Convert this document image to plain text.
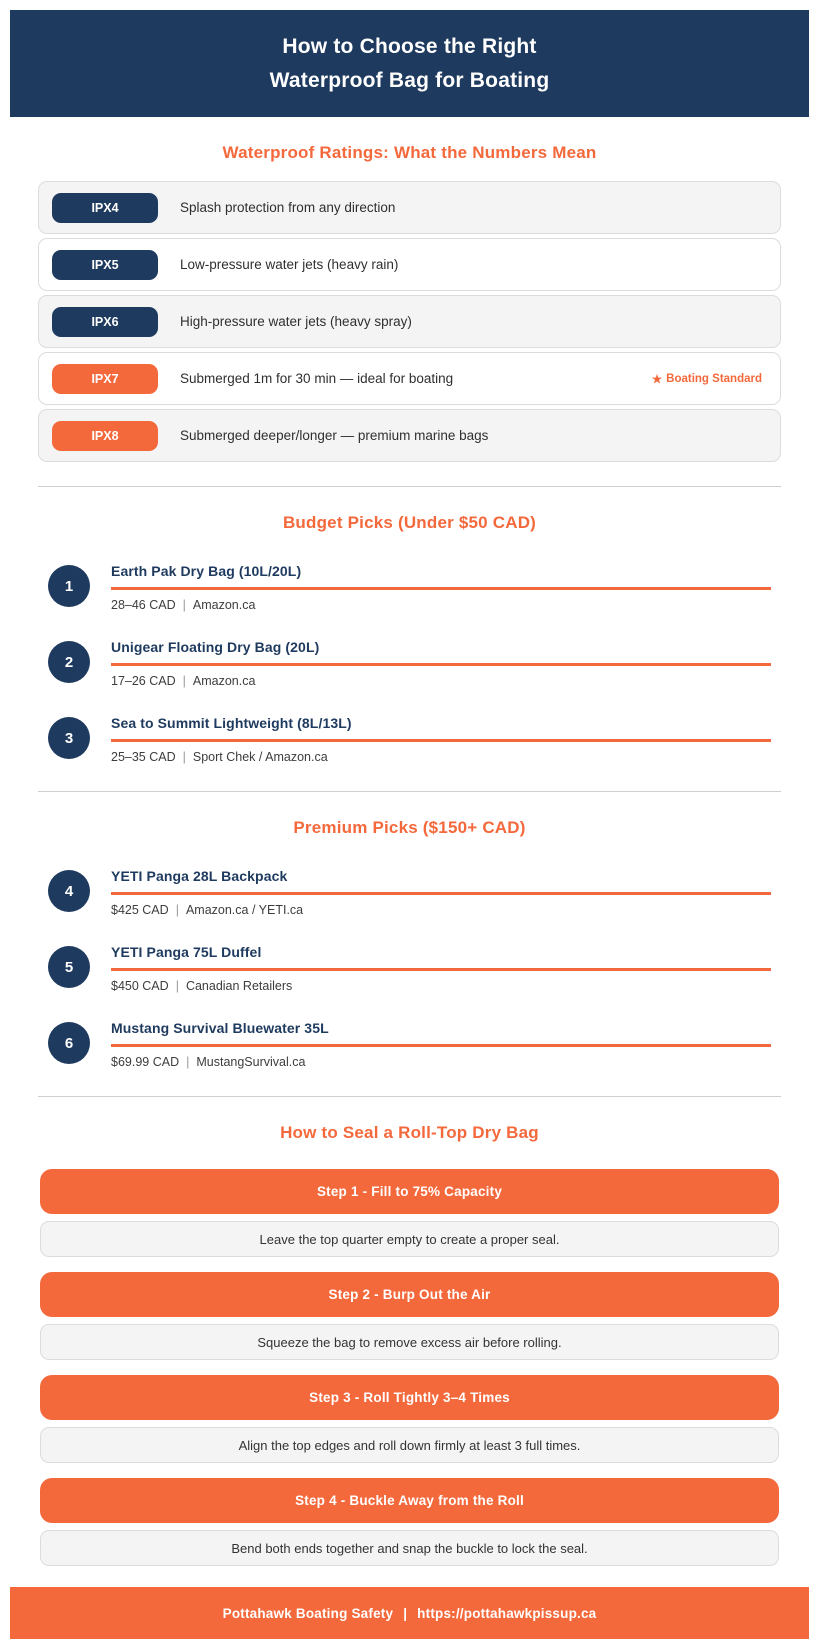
How to Choose the Right
Waterproof Bag for Boating
Waterproof Ratings: What the Numbers Mean
IPX4	Splash protection from any direction
IPX5	Low-pressure water jets (heavy rain)
IPX6	High-pressure water jets (heavy spray)
IPX7	Submerged 1m for 30 min — ideal for boating	★ Boating Standard
IPX8	Submerged deeper/longer — premium marine bags
Budget Picks (Under $50 CAD)
1
Earth Pak Dry Bag (10L/20L)
28–46 CAD | Amazon.ca
2
Unigear Floating Dry Bag (20L)
17–26 CAD | Amazon.ca
3
Sea to Summit Lightweight (8L/13L)
25–35 CAD | Sport Chek / Amazon.ca
Premium Picks ($150+ CAD)
4
YETI Panga 28L Backpack
$425 CAD | Amazon.ca / YETI.ca
5
YETI Panga 75L Duffel
$450 CAD | Canadian Retailers
6
Mustang Survival Bluewater 35L
$69.99 CAD | MustangSurvival.ca
How to Seal a Roll-Top Dry Bag
Step 1 - Fill to 75% Capacity
Leave the top quarter empty to create a proper seal.
Step 2 - Burp Out the Air
Squeeze the bag to remove excess air before rolling.
Step 3 - Roll Tightly 3–4 Times
Align the top edges and roll down firmly at least 3 full times.
Step 4 - Buckle Away from the Roll
Bend both ends together and snap the buckle to lock the seal.
Pottahawk Boating Safety | https://pottahawkpissup.ca
